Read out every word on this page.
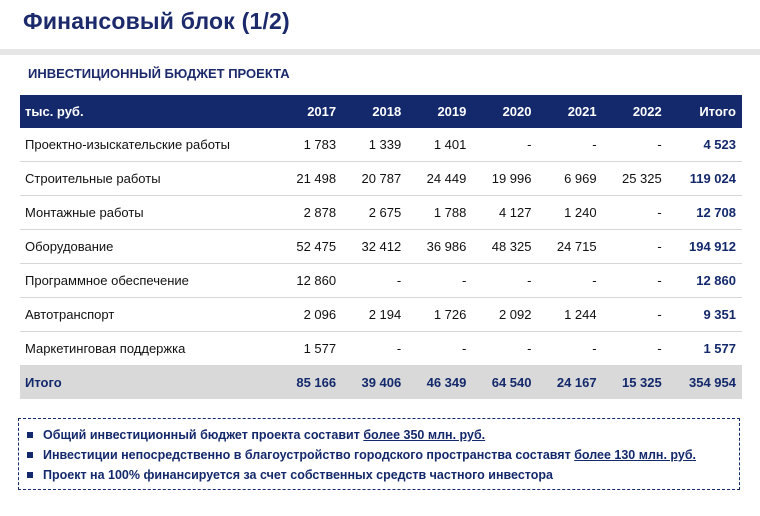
Финансовый блок (1/2)
ИНВЕСТИЦИОННЫЙ БЮДЖЕТ ПРОЕКТА
тыс. руб.	2017	2018	2019	2020	2021	2022	Итого
Проектно-изыскательские работы	1 783	1 339	1 401	-	-	-	4 523
Строительные работы	21 498	20 787	24 449	19 996	6 969	25 325	119 024
Монтажные работы	2 878	2 675	1 788	4 127	1 240	-	12 708
Оборудование	52 475	32 412	36 986	48 325	24 715	-	194 912
Программное обеспечение	12 860	-	-	-	-	-	12 860
Автотранспорт	2 096	2 194	1 726	2 092	1 244	-	9 351
Маркетинговая поддержка	1 577	-	-	-	-	-	1 577
Итого	85 166	39 406	46 349	64 540	24 167	15 325	354 954
Общий инвестиционный бюджет проекта составит более 350 млн. руб.
Инвестиции непосредственно в благоустройство городского пространства составят более 130 млн. руб.
Проект на 100% финансируется за счет собственных средств частного инвестора
